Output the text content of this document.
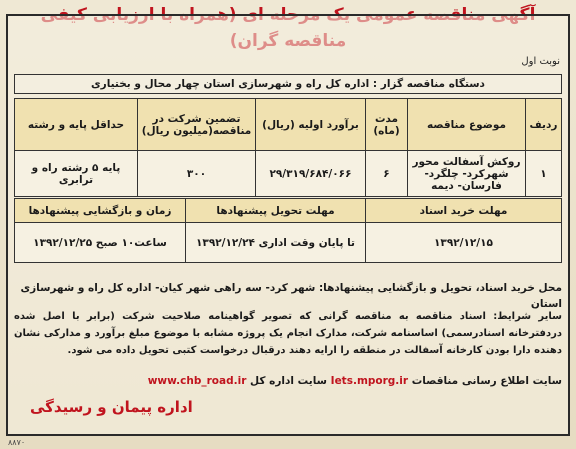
نوبت اول
دستگاه مناقصه گزار : اداره کل راه و شهرسازی استان چهار محال و بختیاری
ردیف	موضوع مناقصه	مدت (ماه)	برآورد اولیه (ریال)	تضمین شرکت در مناقصه(میلیون ریال)	حداقل پایه و رشته
۱	روکش آسفالت محور شهرکرد- چلگرد- فارسان- دیمه	۶	۲۹/۳۱۹/۶۸۴/۰۶۶	۳۰۰	پایه ۵ رشته راه و ترابری
مهلت خرید اسناد	مهلت تحویل پیشنهادها	زمان و بازگشایی پیشنهادها
۱۳۹۲/۱۲/۱۵	تا پایان وقت اداری ۱۳۹۲/۱۲/۲۴	ساعت۱۰ صبح ۱۳۹۲/۱۲/۲۵
محل خرید اسناد، تحویل و بازگشایی پیشنهادها: شهر کرد- سه راهی شهر کیان- اداره کل راه و شهرسازی استان
سایر شرایط: اسناد مناقصه به مناقصه گرانی که تصویر گواهینامه صلاحیت شرکت (برابر با اصل شده دردفترخانه اسنادرسمی) اساسنامه شرکت، مدارک انجام یک پروژه مشابه با موضوع مبلغ برآورد و مدارکی نشان دهنده دارا بودن کارخانه آسفالت در منطقه را ارایه دهند درقبال درخواست کتبی تحویل داده می شود.
سایت اطلاع رسانی مناقصات Iets.mporg.ir سایت اداره کل www.chb_road.ir
اداره پیمان و رسیدگی
۸۸۷۰
